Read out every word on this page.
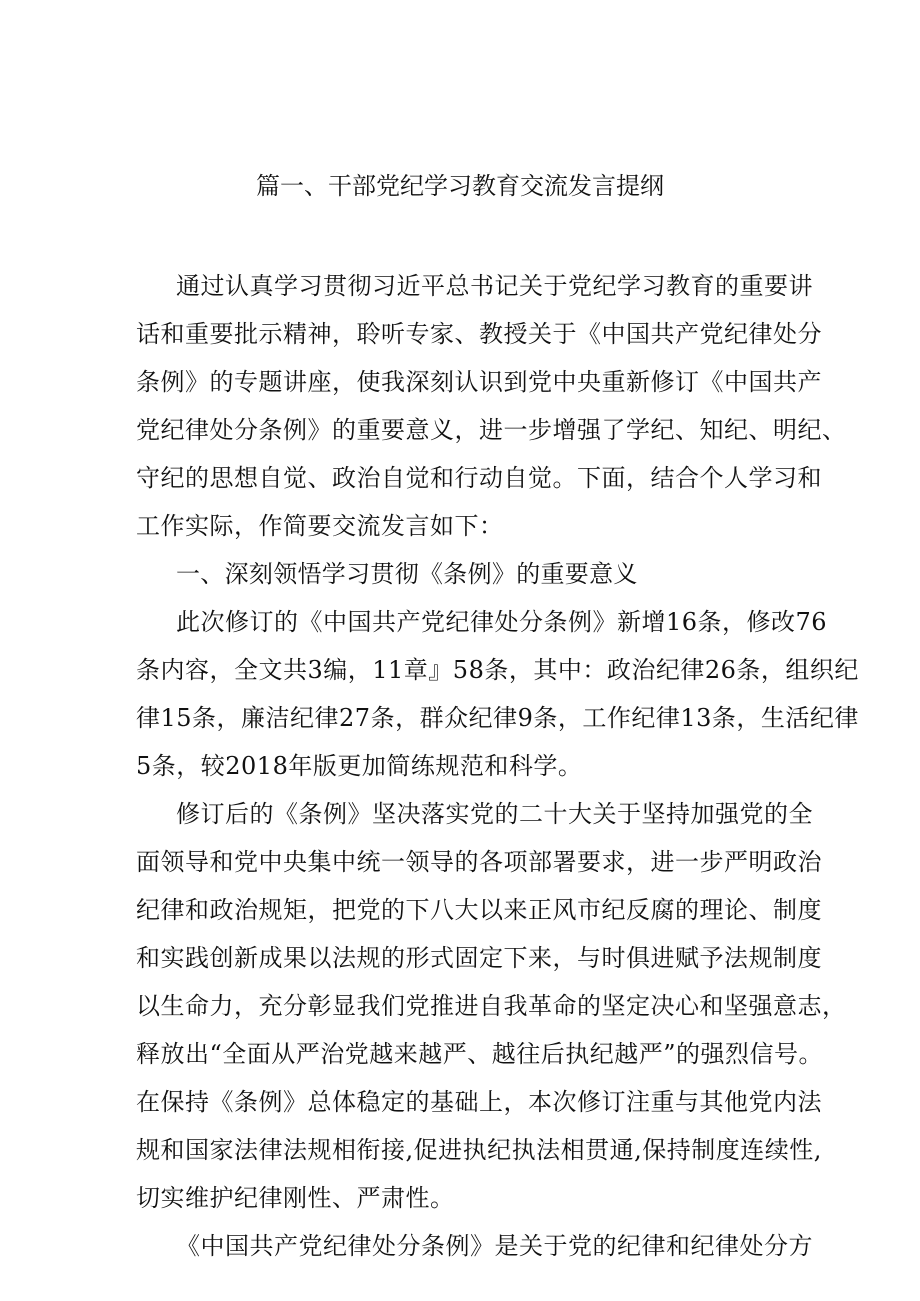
篇一、干部党纪学习教育交流发言提纲
通过认真学习贯彻习近平总书记关于党纪学习教育的重要讲
话和重要批示精神，聆听专家、教授关于《中国共产党纪律处分
条例》的专题讲座，使我深刻认识到党中央重新修订《中国共产
党纪律处分条例》的重要意义，进一步增强了学纪、知纪、明纪、
守纪的思想自觉、政治自觉和行动自觉。下面，结合个人学习和
工作实际，作简要交流发言如下：
一、深刻领悟学习贯彻《条例》的重要意义
此次修订的《中国共产党纪律处分条例》新增16条，修改76
条内容，全文共3编，11章』58条，其中：政治纪律26条，组织纪
律15条，廉洁纪律27条，群众纪律9条，工作纪律13条，生活纪律
5条，较2018年版更加简练规范和科学。
修订后的《条例》坚决落实党的二十大关于坚持加强党的全
面领导和党中央集中统一领导的各项部署要求，进一步严明政治
纪律和政治规矩，把党的下八大以来正风市纪反腐的理论、制度
和实践创新成果以法规的形式固定下来，与时俱进赋予法规制度
以生命力，充分彰显我们党推进自我革命的坚定决心和坚强意志，
释放出“全面从严治党越来越严、越往后执纪越严”的强烈信号。
在保持《条例》总体稳定的基础上，本次修订注重与其他党内法
规和国家法律法规相衔接,促进执纪执法相贯通,保持制度连续性,
切实维护纪律刚性、严肃性。
《中国共产党纪律处分条例》是关于党的纪律和纪律处分方
